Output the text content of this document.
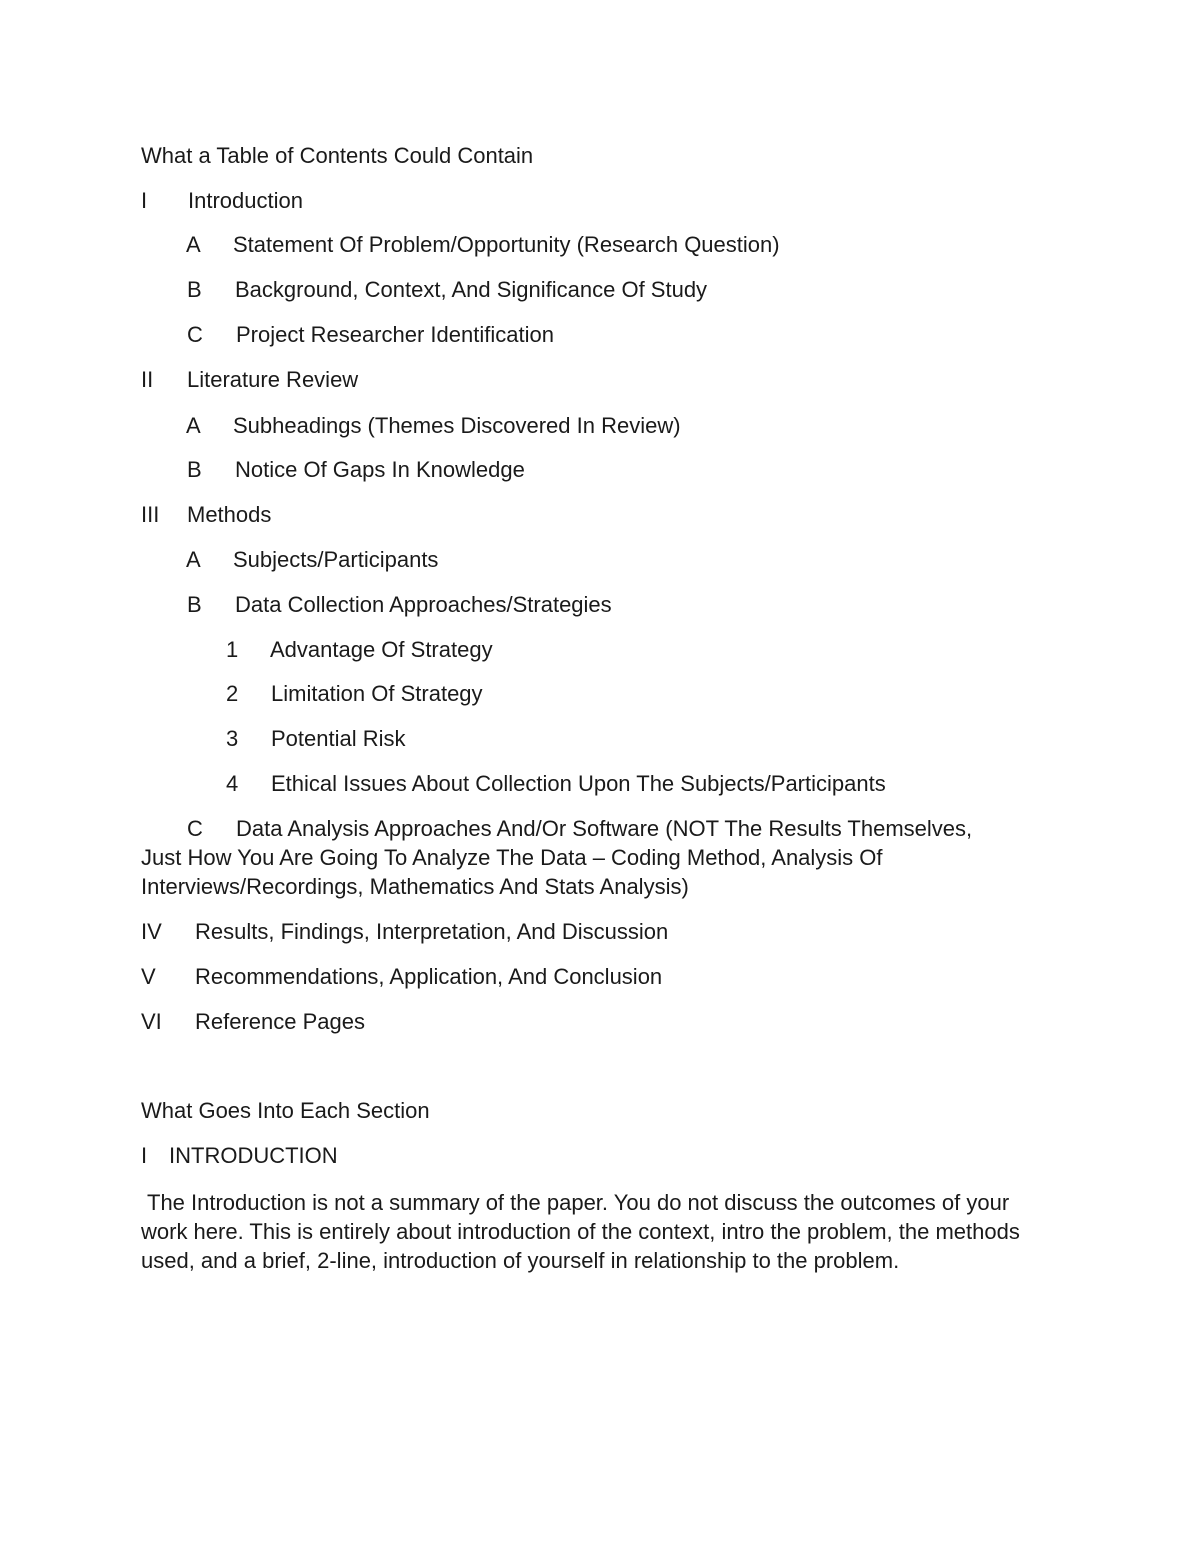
What a Table of Contents Could Contain
I Introduction
A Statement Of Problem/Opportunity (Research Question)
B Background, Context, And Significance Of Study
C Project Researcher Identification
II Literature Review
A Subheadings (Themes Discovered In Review)
B Notice Of Gaps In Knowledge
III Methods
A Subjects/Participants
B Data Collection Approaches/Strategies
1 Advantage Of Strategy
2 Limitation Of Strategy
3 Potential Risk
4 Ethical Issues About Collection Upon The Subjects/Participants
C Data Analysis Approaches And/Or Software (NOT The Results Themselves,
Just How You Are Going To Analyze The Data – Coding Method, Analysis Of
Interviews/Recordings, Mathematics And Stats Analysis)
IV Results, Findings, Interpretation, And Discussion
V Recommendations, Application, And Conclusion
VI Reference Pages
What Goes Into Each Section
I INTRODUCTION
The Introduction is not a summary of the paper. You do not discuss the outcomes of your work here. This is entirely about introduction of the context, intro the problem, the methods used, and a brief, 2-line, introduction of yourself in relationship to the problem.
